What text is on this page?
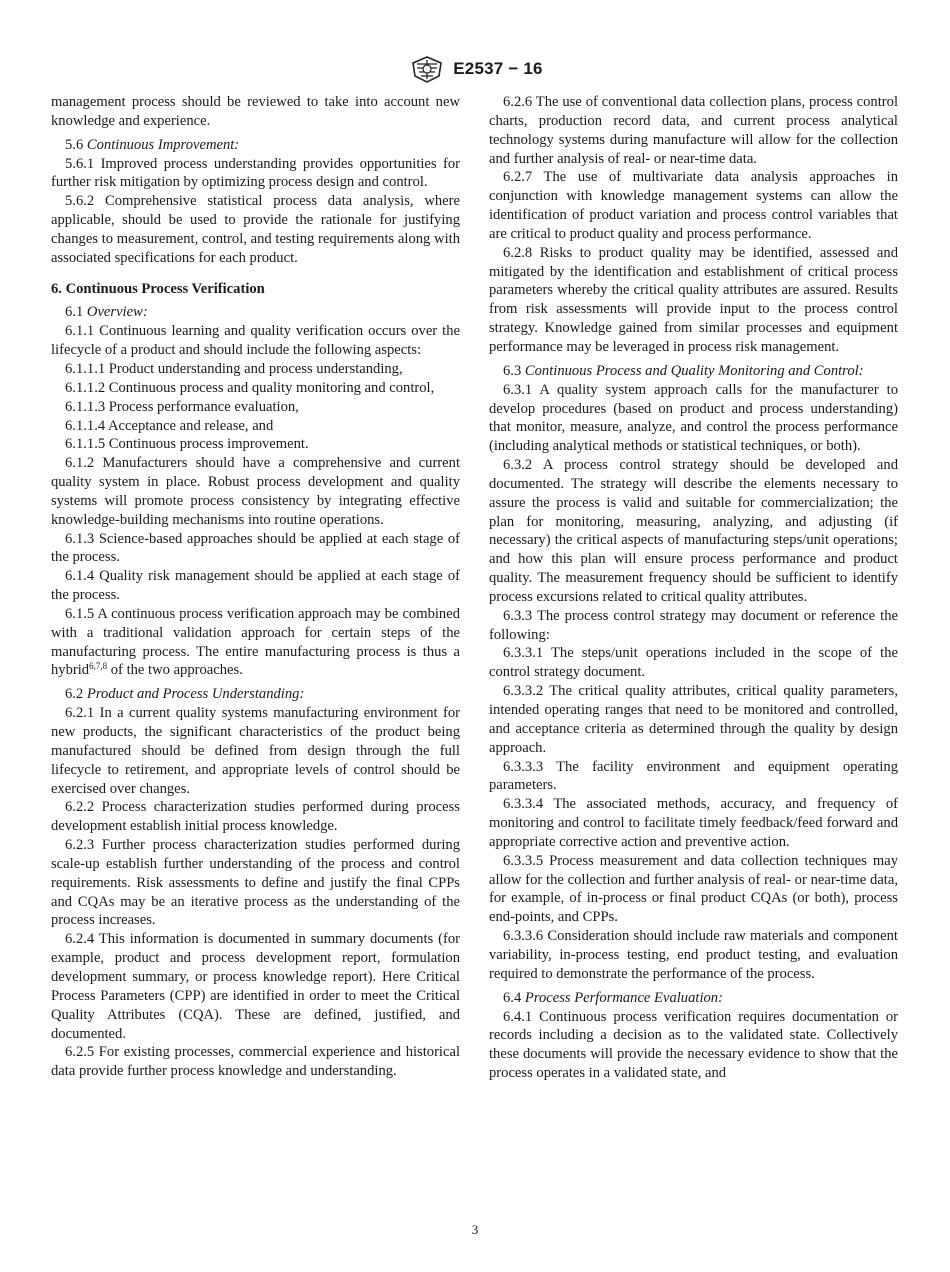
E2537 − 16

management process should be reviewed to take into account new knowledge and experience.

5.6 Continuous Improvement:

5.6.1 Improved process understanding provides opportunities for further risk mitigation by optimizing process design and control.

5.6.2 Comprehensive statistical process data analysis, where applicable, should be used to provide the rationale for justifying changes to measurement, control, and testing requirements along with associated specifications for each product.

6. Continuous Process Verification

6.1 Overview:

6.1.1 Continuous learning and quality verification occurs over the lifecycle of a product and should include the following aspects:

6.1.1.1 Product understanding and process understanding,

6.1.1.2 Continuous process and quality monitoring and control,

6.1.1.3 Process performance evaluation,

6.1.1.4 Acceptance and release, and

6.1.1.5 Continuous process improvement.

6.1.2 Manufacturers should have a comprehensive and current quality system in place. Robust process development and quality systems will promote process consistency by integrating effective knowledge-building mechanisms into routine operations.

6.1.3 Science-based approaches should be applied at each stage of the process.

6.1.4 Quality risk management should be applied at each stage of the process.

6.1.5 A continuous process verification approach may be combined with a traditional validation approach for certain steps of the manufacturing process. The entire manufacturing process is thus a hybrid$^{6,7,8}$ of the two approaches.

6.2 Product and Process Understanding:

6.2.1 In a current quality systems manufacturing environment for new products, the significant characteristics of the product being manufactured should be defined from design through the full lifecycle to retirement, and appropriate levels of control should be exercised over changes.

6.2.2 Process characterization studies performed during process development establish initial process knowledge.

6.2.3 Further process characterization studies performed during scale-up establish further understanding of the process and control requirements. Risk assessments to define and justify the final CPPs and CQAs may be an iterative process as the understanding of the process increases.

6.2.4 This information is documented in summary documents (for example, product and process development report, formulation development summary, or process knowledge report). Here Critical Process Parameters (CPP) are identified in order to meet the Critical Quality Attributes (CQA). These are defined, justified, and documented.

6.2.5 For existing processes, commercial experience and historical data provide further process knowledge and understanding.

6.2.6 The use of conventional data collection plans, process control charts, production record data, and current process analytical technology systems during manufacture will allow for the collection and further analysis of real- or near-time data.

6.2.7 The use of multivariate data analysis approaches in conjunction with knowledge management systems can allow the identification of product variation and process control variables that are critical to product quality and process performance.

6.2.8 Risks to product quality may be identified, assessed and mitigated by the identification and establishment of critical process parameters whereby the critical quality attributes are assured. Results from risk assessments will provide input to the process control strategy. Knowledge gained from similar processes and equipment performance may be leveraged in process risk management.

6.3 Continuous Process and Quality Monitoring and Control:

6.3.1 A quality system approach calls for the manufacturer to develop procedures (based on product and process understanding) that monitor, measure, analyze, and control the process performance (including analytical methods or statistical techniques, or both).

6.3.2 A process control strategy should be developed and documented. The strategy will describe the elements necessary to assure the process is valid and suitable for commercialization; the plan for monitoring, measuring, analyzing, and adjusting (if necessary) the critical aspects of manufacturing steps/unit operations; and how this plan will ensure process performance and product quality. The measurement frequency should be sufficient to identify process excursions related to critical quality attributes.

6.3.3 The process control strategy may document or reference the following:

6.3.3.1 The steps/unit operations included in the scope of the control strategy document.

6.3.3.2 The critical quality attributes, critical quality parameters, intended operating ranges that need to be monitored and controlled, and acceptance criteria as determined through the quality by design approach.

6.3.3.3 The facility environment and equipment operating parameters.

6.3.3.4 The associated methods, accuracy, and frequency of monitoring and control to facilitate timely feedback/feed forward and appropriate corrective action and preventive action.

6.3.3.5 Process measurement and data collection techniques may allow for the collection and further analysis of real- or near-time data, for example, of in-process or final product CQAs (or both), process end-points, and CPPs.

6.3.3.6 Consideration should include raw materials and component variability, in-process testing, end product testing, and evaluation required to demonstrate the performance of the process.

6.4 Process Performance Evaluation:

6.4.1 Continuous process verification requires documentation or records including a decision as to the validated state. Collectively these documents will provide the necessary evidence to show that the process operates in a validated state, and

3
